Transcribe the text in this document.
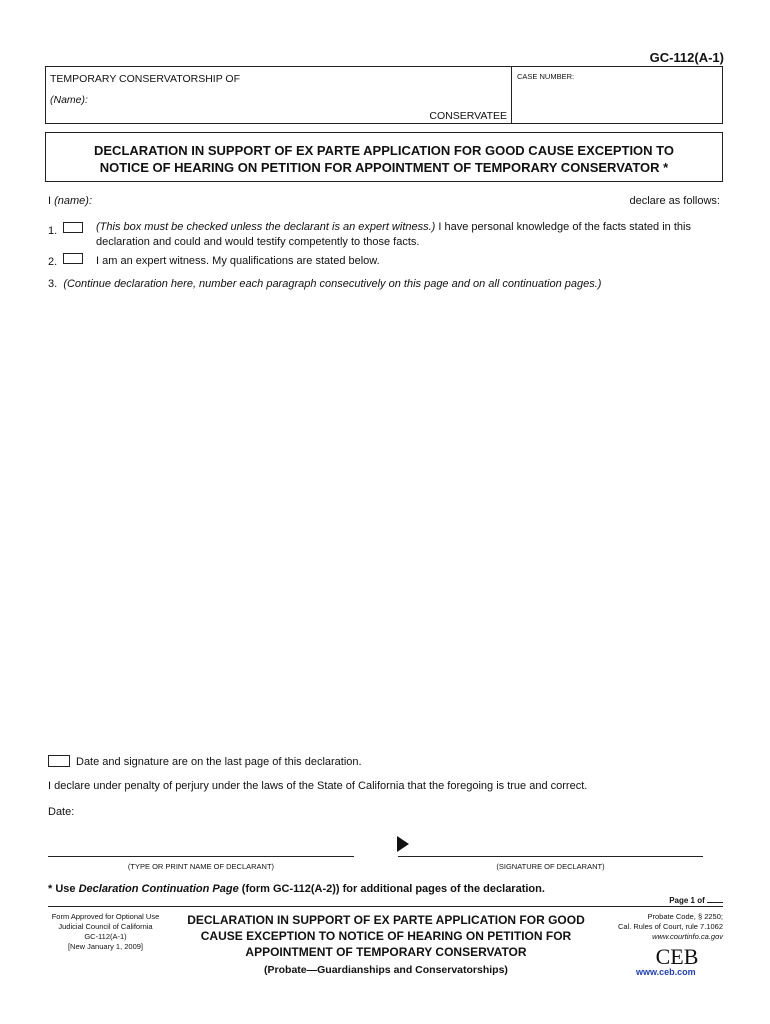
GC-112(A-1)
TEMPORARY CONSERVATORSHIP OF
(Name):
CONSERVATEE
CASE NUMBER:
DECLARATION IN SUPPORT OF EX PARTE APPLICATION FOR GOOD CAUSE EXCEPTION TO
NOTICE OF HEARING ON PETITION FOR APPOINTMENT OF TEMPORARY CONSERVATOR *
I (name):	declare as follows:
1.	(This box must be checked unless the declarant is an expert witness.) I have personal knowledge of the facts stated in this declaration and could and would testify competently to those facts.
2.	I am an expert witness. My qualifications are stated below.
3. (Continue declaration here, number each paragraph consecutively on this page and on all continuation pages.)
Date and signature are on the last page of this declaration.
I declare under penalty of perjury under the laws of the State of California that the foregoing is true and correct.
Date:
(TYPE OR PRINT NAME OF DECLARANT)	(SIGNATURE OF DECLARANT)
* Use Declaration Continuation Page (form GC-112(A-2)) for additional pages of the declaration.
Page 1 of
Form Approved for Optional Use
Judicial Council of California
GC-112(A-1)
[New January 1, 2009]
DECLARATION IN SUPPORT OF EX PARTE APPLICATION FOR GOOD
CAUSE EXCEPTION TO NOTICE OF HEARING ON PETITION FOR
APPOINTMENT OF TEMPORARY CONSERVATOR
(Probate—Guardianships and Conservatorships)
Probate Code, § 2250;
Cal. Rules of Court, rule 7.1062
www.courtinfo.ca.gov
CEB
www.ceb.com
